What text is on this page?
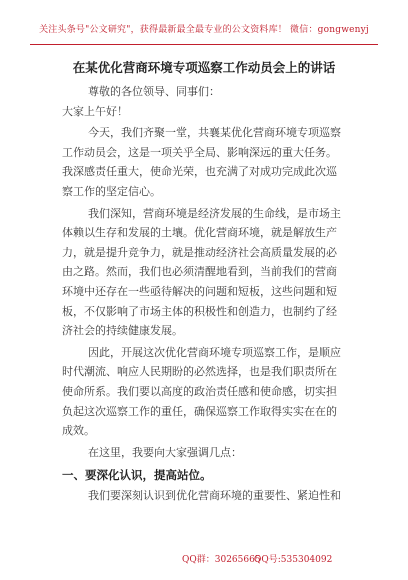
关注头条号"公文研究"，获得最新最全最专业的公文资料库！ 微信：gongwenyj
在某优化营商环境专项巡察工作动员会上的讲话
尊敬的各位领导、同事们：
大家上午好！
今天，我们齐聚一堂，共襄某优化营商环境专项巡察
工作动员会，这是一项关乎全局、影响深远的重大任务。
我深感责任重大，使命光荣，也充满了对成功完成此次巡
察工作的坚定信心。
我们深知，营商环境是经济发展的生命线，是市场主
体赖以生存和发展的土壤。优化营商环境，就是解放生产
力，就是提升竞争力，就是推动经济社会高质量发展的必
由之路。然而，我们也必须清醒地看到，当前我们的营商
环境中还存在一些亟待解决的问题和短板，这些问题和短
板，不仅影响了市场主体的积极性和创造力，也制约了经
济社会的持续健康发展。
因此，开展这次优化营商环境专项巡察工作，是顺应
时代潮流、响应人民期盼的必然选择，也是我们职责所在
使命所系。我们要以高度的政治责任感和使命感，切实担
负起这次巡察工作的重任，确保巡察工作取得实实在在的
成效。
一、要深化认识，提高站位。
QQ群：30265665
QQ号:535304092
在这里，我要向大家强调几点：
我们要深刻认识到优化营商环境的重要性、紧迫性和
